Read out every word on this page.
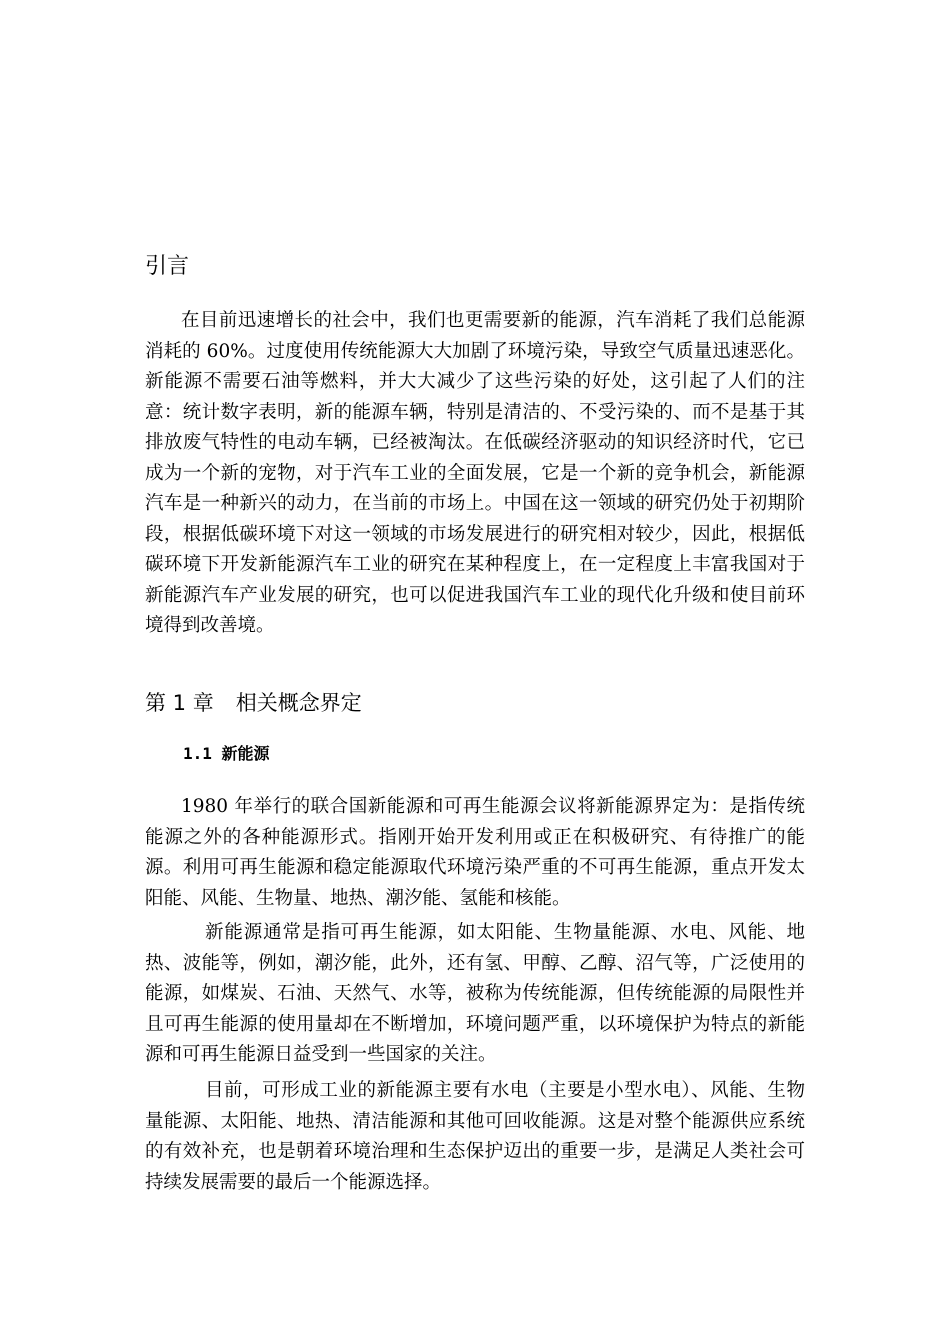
引言

在目前迅速增长的社会中，我们也更需要新的能源，汽车消耗了我们总能源消耗的 60%。过度使用传统能源大大加剧了环境污染，导致空气质量迅速恶化。新能源不需要石油等燃料，并大大减少了这些污染的好处，这引起了人们的注意：统计数字表明，新的能源车辆，特别是清洁的、不受污染的、而不是基于其排放废气特性的电动车辆，已经被淘汰。在低碳经济驱动的知识经济时代，它已成为一个新的宠物，对于汽车工业的全面发展，它是一个新的竞争机会，新能源汽车是一种新兴的动力，在当前的市场上。中国在这一领域的研究仍处于初期阶段，根据低碳环境下对这一领域的市场发展进行的研究相对较少，因此，根据低碳环境下开发新能源汽车工业的研究在某种程度上，在一定程度上丰富我国对于新能源汽车产业发展的研究，也可以促进我国汽车工业的现代化升级和使目前环境得到改善境。

第 1 章 相关概念界定
1.1 新能源

1980 年举行的联合国新能源和可再生能源会议将新能源界定为：是指传统能源之外的各种能源形式。指刚开始开发利用或正在积极研究、有待推广的能源。利用可再生能源和稳定能源取代环境污染严重的不可再生能源，重点开发太阳能、风能、生物量、地热、潮汐能、氢能和核能。

新能源通常是指可再生能源，如太阳能、生物量能源、水电、风能、地热、波能等，例如，潮汐能，此外，还有氢、甲醇、乙醇、沼气等，广泛使用的能源，如煤炭、石油、天然气、水等，被称为传统能源，但传统能源的局限性并且可再生能源的使用量却在不断增加，环境问题严重，以环境保护为特点的新能源和可再生能源日益受到一些国家的关注。

目前，可形成工业的新能源主要有水电（主要是小型水电）、风能、生物量能源、太阳能、地热、清洁能源和其他可回收能源。这是对整个能源供应系统的有效补充，也是朝着环境治理和生态保护迈出的重要一步，是满足人类社会可持续发展需要的最后一个能源选择。
